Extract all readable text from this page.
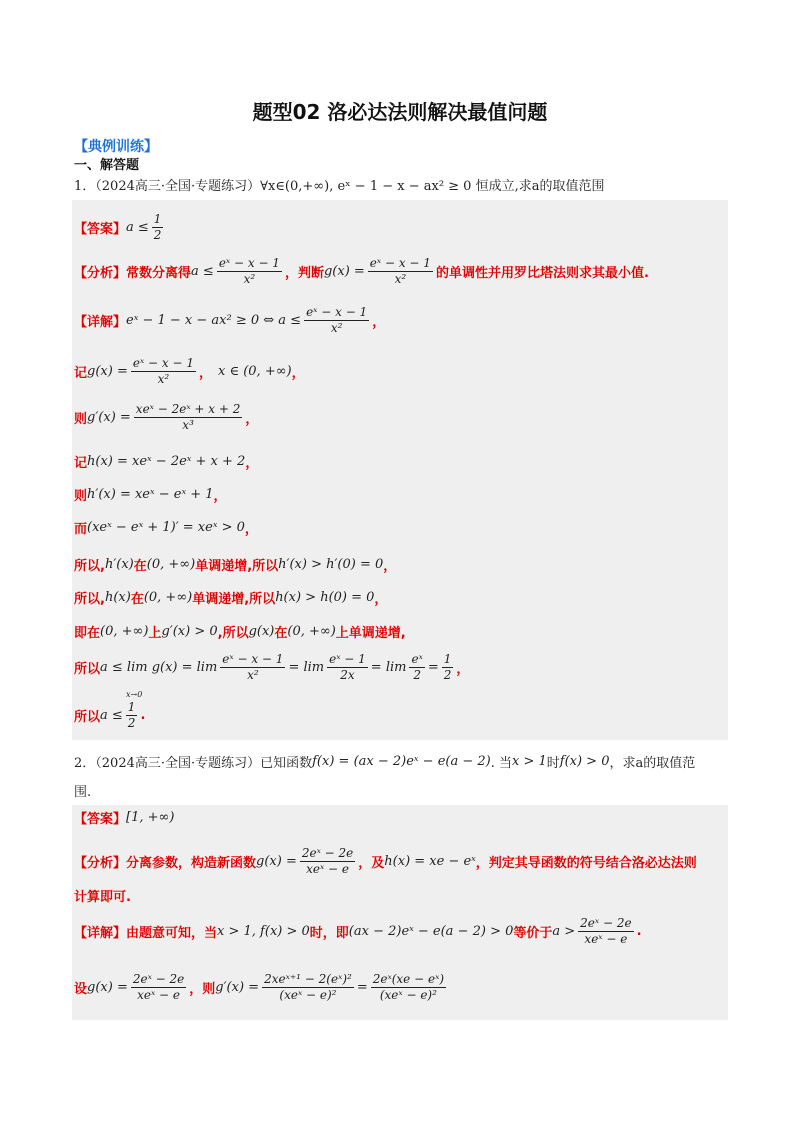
题型02 洛必达法则解决最值问题
【典例训练】
一、解答题
1．（2024高三·全国·专题练习）∀x∈(0,+∞), eˣ − 1 − x − ax² ≥ 0 恒成立,求a的取值范围
【答案】 $a \le \frac{1}{2}$
【分析】 常数分离得 $a \le \frac{\text{eˣ − x − 1}}{\text{x²}}$ ，判断 $g(x) = \frac{\text{eˣ − x − 1}}{\text{x²}}$ 的单调性并用罗比塔法则求其最小值.
【详解】 eˣ − 1 − x − ax² ≥ 0 ⇔ $a \le \frac{\text{eˣ − x − 1}}{\text{x²}}$ ，
记 $g(x) = \frac{\text{eˣ − x − 1}}{\text{x²}}$ ， x ∈ (0, +∞) ，
则 $g'(x) = \frac{\text{xeˣ − 2eˣ + x + 2}}{\text{x³}}$ ，
记 h(x) = xeˣ − 2eˣ + x + 2 ，
则 h′(x) = xeˣ − eˣ + 1 ，
而 (xeˣ − eˣ + 1)′ = xeˣ > 0 ，
所以, h′(x) 在 (0, +∞) 单调递增,所以 h′(x) > h′(0) = 0 ，
所以, h(x) 在 (0, +∞) 单调递增,所以 h(x) > h(0) = 0 ，
即在 (0, +∞) 上 g′(x) > 0 ,所以 g(x) 在 (0, +∞) 上单调递增,
所以 $a \le \lim g(x) = \lim \frac{\text{eˣ − x − 1}}{\text{x²}} = \lim \frac{\text{eˣ − 1}}{2x} = \lim \frac{\text{eˣ}}{2} = \frac{1}{2}$ ，
x→0
所以 $a \le \frac{1}{2}$ .
2．（2024高三·全国·专题练习）已知函数 f(x) = (ax − 2)eˣ − e(a − 2) . 当 x > 1 时 f(x) > 0 ，求a的取值范
围.
【答案】 [1, +∞)
【分析】 分离参数，构造新函数 $g(x) = \frac{\text{2eˣ − 2e}}{\text{xeˣ − e}}$ ，及 h(x) = xe − eˣ ，判定其导函数的符号结合洛必达法则
计算即可.
【详解】 由题意可知，当 x > 1, f(x) > 0 时，即 (ax − 2)eˣ − e(a − 2) > 0 等价于 $a > \frac{\text{2eˣ − 2e}}{\text{xeˣ − e}}$ .
设 $g(x) = \frac{\text{2eˣ − 2e}}{\text{xeˣ − e}}$ ，则 $g'(x) = \frac{\text{2xeˣ⁺¹ − 2(eˣ)²}}{\text{(xeˣ − e)²}} = \frac{\text{2eˣ(xe − eˣ)}}{\text{(xeˣ − e)²}}$
